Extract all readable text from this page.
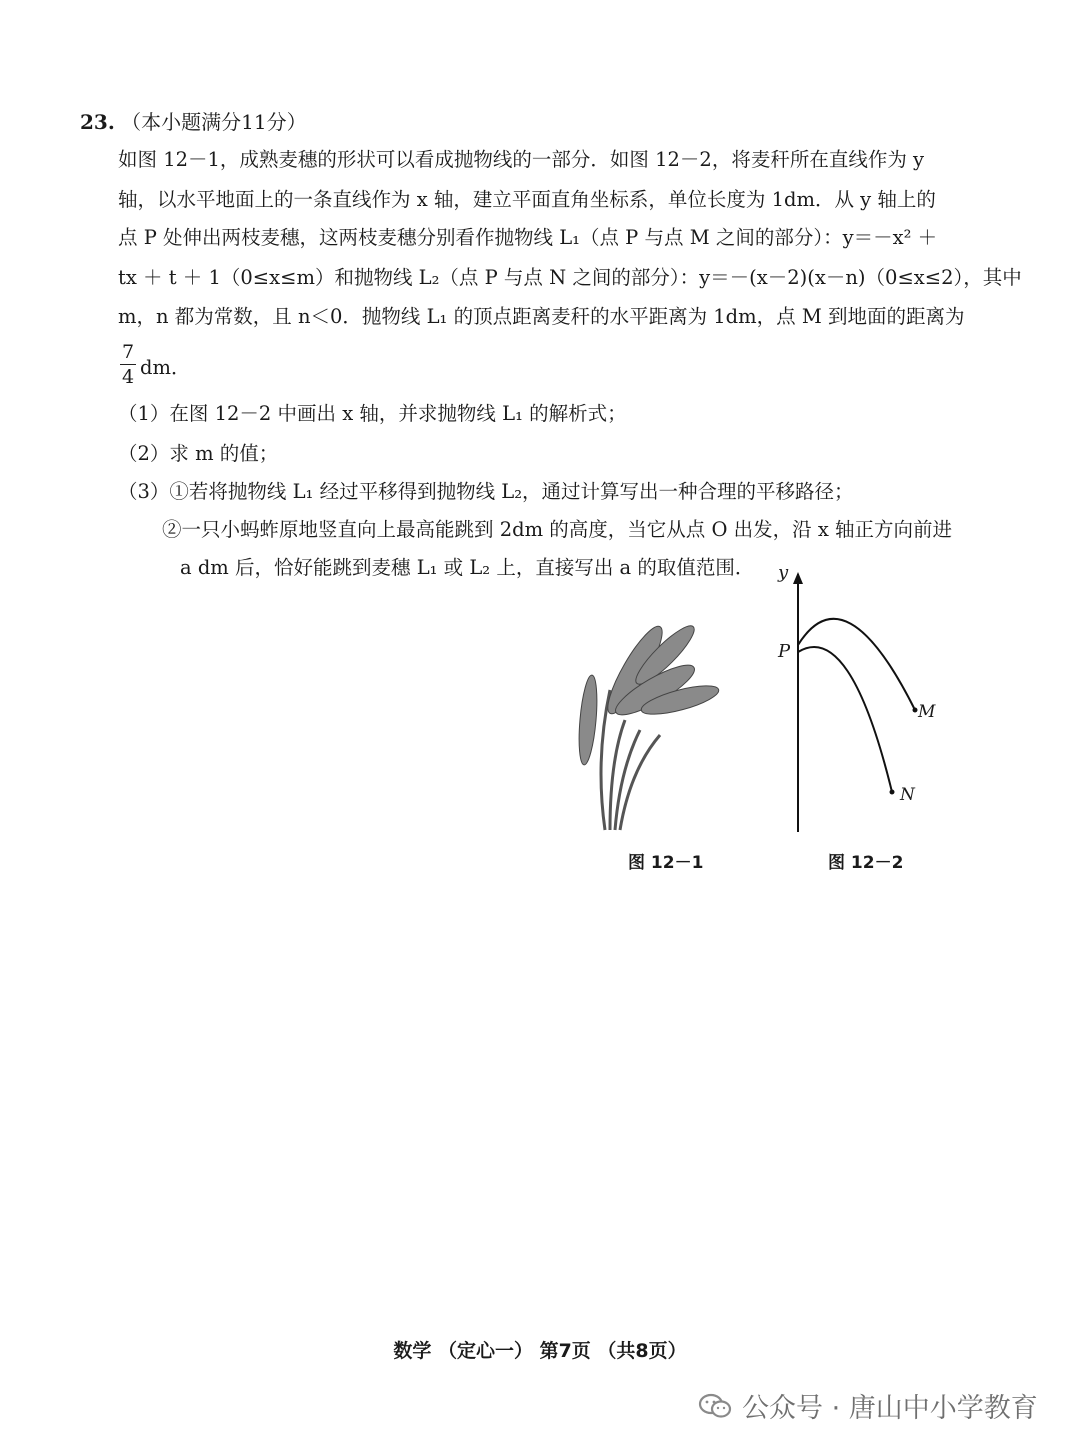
23. （本小题满分11分）
如图 12－1，成熟麦穗的形状可以看成抛物线的一部分．如图 12－2，将麦秆所在直线作为 y
轴，以水平地面上的一条直线作为 x 轴，建立平面直角坐标系，单位长度为 1dm．从 y 轴上的
点 P 处伸出两枝麦穗，这两枝麦穗分别看作抛物线 L₁（点 P 与点 M 之间的部分）：y＝－x² ＋
tx ＋ t ＋ 1（0≤x≤m）和抛物线 L₂（点 P 与点 N 之间的部分）：y＝－(x－2)(x－n)（0≤x≤2），其中
m，n 都为常数，且 n＜0．抛物线 L₁ 的顶点距离麦秆的水平距离为 1dm，点 M 到地面的距离为
7
4 dm．
（1）在图 12－2 中画出 x 轴，并求抛物线 L₁ 的解析式；
（2）求 m 的值；
（3）①若将抛物线 L₁ 经过平移得到抛物线 L₂，通过计算写出一种合理的平移路径；
②一只小蚂蚱原地竖直向上最高能跳到 2dm 的高度，当它从点 O 出发，沿 x 轴正方向前进
a dm 后，恰好能跳到麦穗 L₁ 或 L₂ 上，直接写出 a 的取值范围．
图 12－1
y
P
M
N
图 12－2
数学 （定心一） 第7页 （共8页）
公众号 · 唐山中小学教育
